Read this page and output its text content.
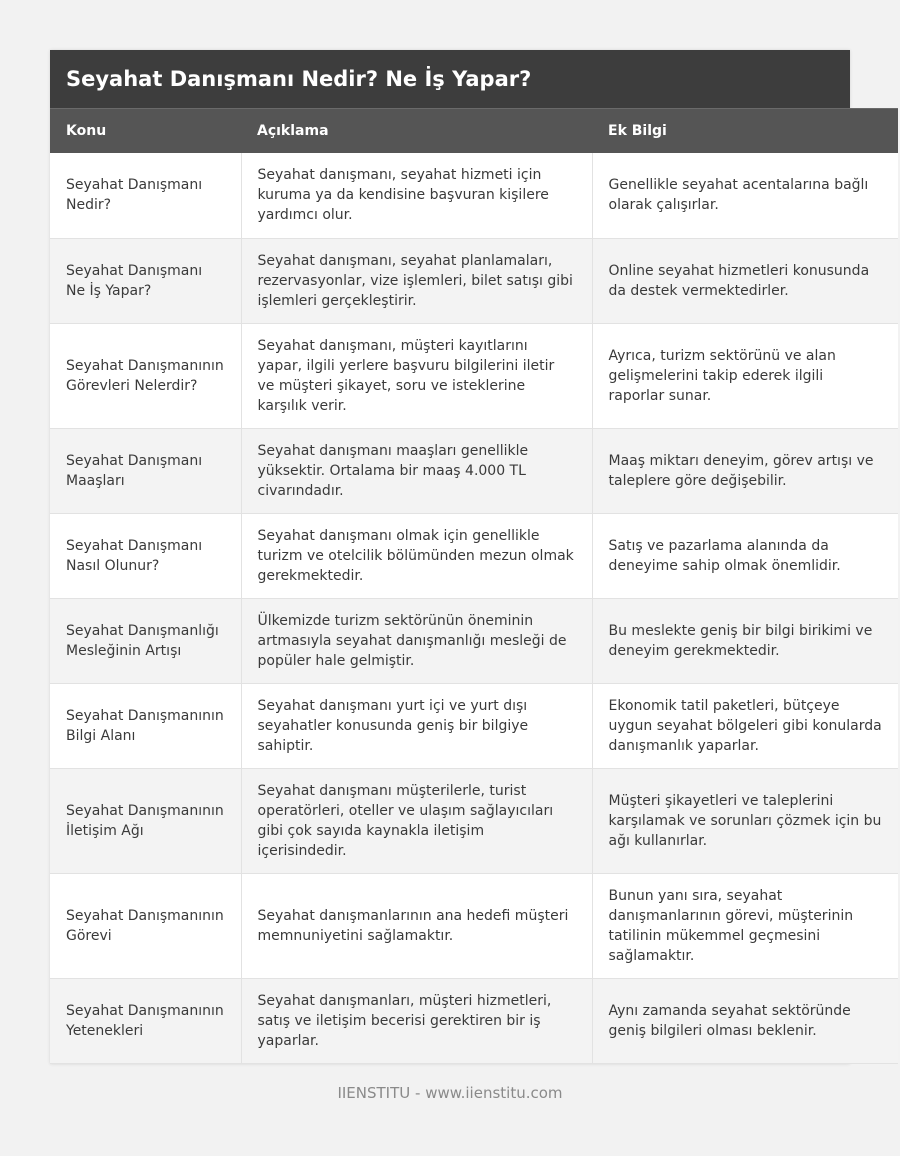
Seyahat Danışmanı Nedir? Ne İş Yapar?
Konu	Açıklama	Ek Bilgi
Seyahat Danışmanı Nedir?	Seyahat danışmanı, seyahat hizmeti için kuruma ya da kendisine başvuran kişilere yardımcı olur.	Genellikle seyahat acentalarına bağlı olarak çalışırlar.
Seyahat Danışmanı Ne İş Yapar?	Seyahat danışmanı, seyahat planlamaları, rezervasyonlar, vize işlemleri, bilet satışı gibi işlemleri gerçekleştirir.	Online seyahat hizmetleri konusunda da destek vermektedirler.
Seyahat Danışmanının Görevleri Nelerdir?	Seyahat danışmanı, müşteri kayıtlarını yapar, ilgili yerlere başvuru bilgilerini iletir ve müşteri şikayet, soru ve isteklerine karşılık verir.	Ayrıca, turizm sektörünü ve alan gelişmelerini takip ederek ilgili raporlar sunar.
Seyahat Danışmanı Maaşları	Seyahat danışmanı maaşları genellikle yüksektir. Ortalama bir maaş 4.000 TL civarındadır.	Maaş miktarı deneyim, görev artışı ve taleplere göre değişebilir.
Seyahat Danışmanı Nasıl Olunur?	Seyahat danışmanı olmak için genellikle turizm ve otelcilik bölümünden mezun olmak gerekmektedir.	Satış ve pazarlama alanında da deneyime sahip olmak önemlidir.
Seyahat Danışmanlığı Mesleğinin Artışı	Ülkemizde turizm sektörünün öneminin artmasıyla seyahat danışmanlığı mesleği de popüler hale gelmiştir.	Bu meslekte geniş bir bilgi birikimi ve deneyim gerekmektedir.
Seyahat Danışmanının Bilgi Alanı	Seyahat danışmanı yurt içi ve yurt dışı seyahatler konusunda geniş bir bilgiye sahiptir.	Ekonomik tatil paketleri, bütçeye uygun seyahat bölgeleri gibi konularda danışmanlık yaparlar.
Seyahat Danışmanının İletişim Ağı	Seyahat danışmanı müşterilerle, turist operatörleri, oteller ve ulaşım sağlayıcıları gibi çok sayıda kaynakla iletişim içerisindedir.	Müşteri şikayetleri ve taleplerini karşılamak ve sorunları çözmek için bu ağı kullanırlar.
Seyahat Danışmanının Görevi	Seyahat danışmanlarının ana hedefi müşteri memnuniyetini sağlamaktır.	Bunun yanı sıra, seyahat danışmanlarının görevi, müşterinin tatilinin mükemmel geçmesini sağlamaktır.
Seyahat Danışmanının Yetenekleri	Seyahat danışmanları, müşteri hizmetleri, satış ve iletişim becerisi gerektiren bir iş yaparlar.	Aynı zamanda seyahat sektöründe geniş bilgileri olması beklenir.
IIENSTITU - www.iienstitu.com
